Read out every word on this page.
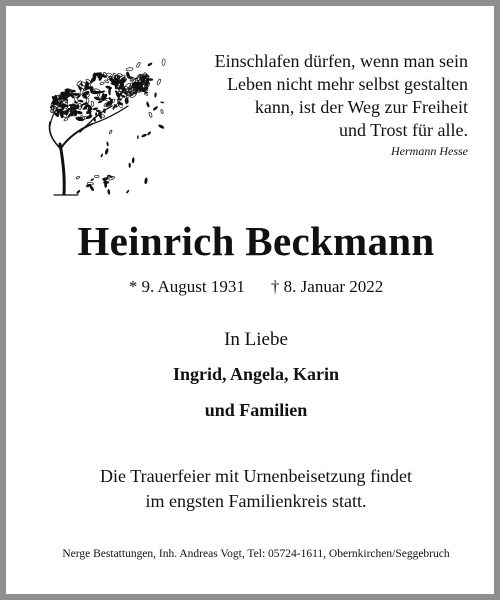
Einschlafen dürfen, wenn man sein
Leben nicht mehr selbst gestalten
kann, ist der Weg zur Freiheit
und Trost für alle.
Hermann Hesse
Heinrich Beckmann
* 9. August 1931 † 8. Januar 2022
In Liebe
Ingrid, Angela, Karin
und Familien
Die Trauerfeier mit Urnenbeisetzung findet
im engsten Familienkreis statt.
Nerge Bestattungen, Inh. Andreas Vogt, Tel: 05724-1611, Obernkirchen/Seggebruch
